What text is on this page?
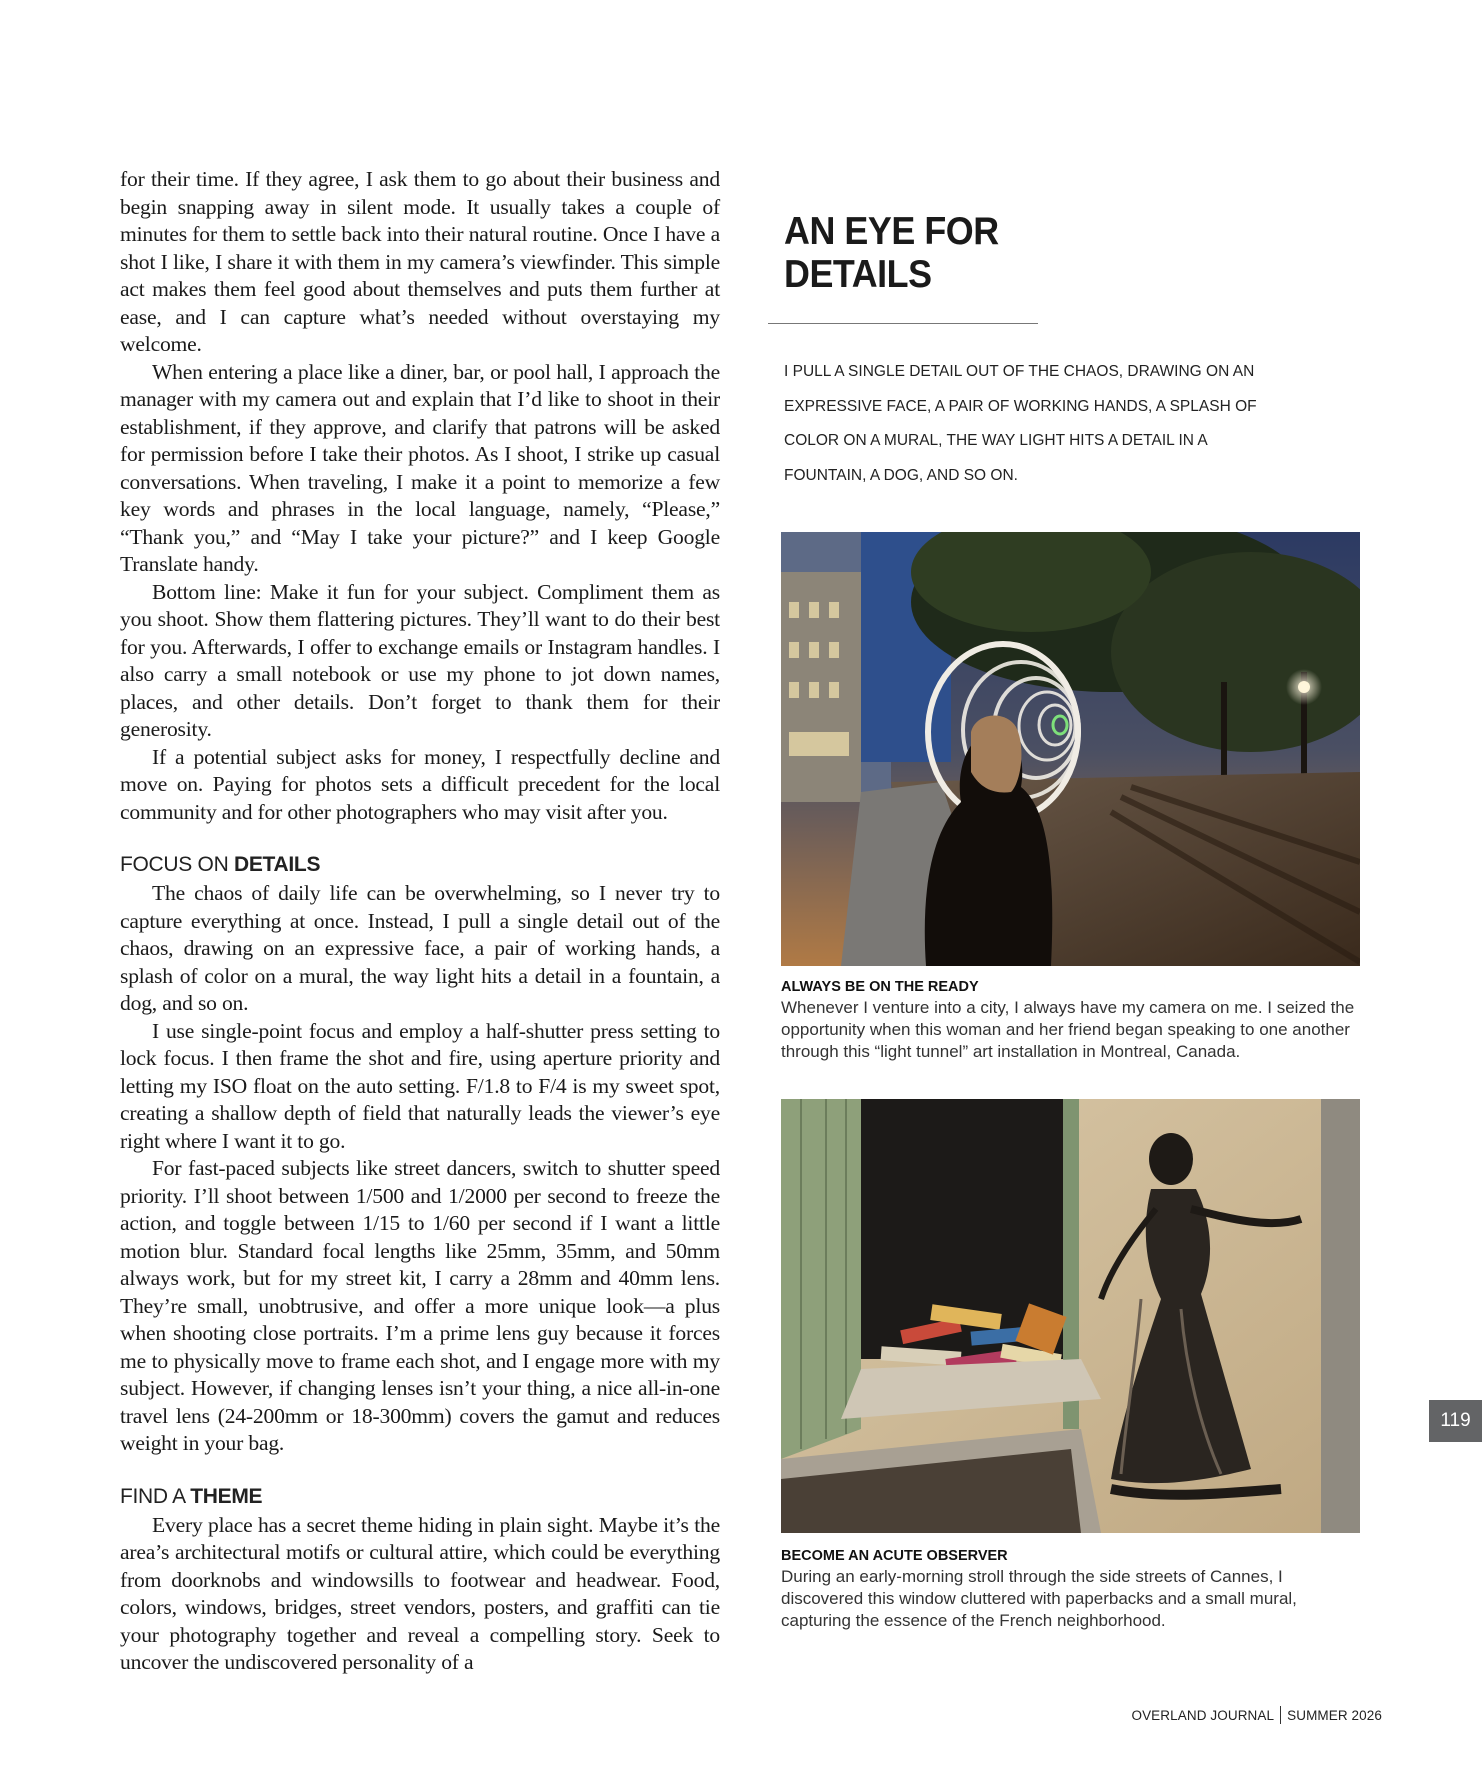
for their time. If they agree, I ask them to go about their business and begin snapping away in silent mode. It usually takes a couple of minutes for them to settle back into their natural routine. Once I have a shot I like, I share it with them in my camera’s viewfinder. This simple act makes them feel good about themselves and puts them further at ease, and I can capture what’s needed without overstaying my welcome.

When entering a place like a diner, bar, or pool hall, I approach the manager with my camera out and explain that I’d like to shoot in their establishment, if they approve, and clarify that patrons will be asked for permission before I take their photos. As I shoot, I strike up casual conversations. When traveling, I make it a point to memorize a few key words and phrases in the local language, namely, “Please,” “Thank you,” and “May I take your picture?” and I keep Google Translate handy.

Bottom line: Make it fun for your subject. Compliment them as you shoot. Show them flattering pictures. They’ll want to do their best for you. Afterwards, I offer to exchange emails or Instagram handles. I also carry a small notebook or use my phone to jot down names, places, and other details. Don’t forget to thank them for their generosity.

If a potential subject asks for money, I respectfully decline and move on. Paying for photos sets a difficult precedent for the local community and for other photographers who may visit after you.

FOCUS ON DETAILS

The chaos of daily life can be overwhelming, so I never try to capture everything at once. Instead, I pull a single detail out of the chaos, drawing on an expressive face, a pair of working hands, a splash of color on a mural, the way light hits a detail in a fountain, a dog, and so on.

I use single-point focus and employ a half-shutter press setting to lock focus. I then frame the shot and fire, using aperture priority and letting my ISO float on the auto setting. F/1.8 to F/4 is my sweet spot, creating a shallow depth of field that naturally leads the viewer’s eye right where I want it to go.

For fast-paced subjects like street dancers, switch to shutter speed priority. I’ll shoot between 1/500 and 1/2000 per second to freeze the action, and toggle between 1/15 to 1/60 per second if I want a little motion blur. Standard focal lengths like 25mm, 35mm, and 50mm always work, but for my street kit, I carry a 28mm and 40mm lens. They’re small, unobtrusive, and offer a more unique look—a plus when shooting close portraits. I’m a prime lens guy because it forces me to physically move to frame each shot, and I engage more with my subject. However, if changing lenses isn’t your thing, a nice all-in-one travel lens (24-200mm or 18-300mm) covers the gamut and reduces weight in your bag.

FIND A THEME

Every place has a secret theme hiding in plain sight. Maybe it’s the area’s architectural motifs or cultural attire, which could be everything from doorknobs and windowsills to footwear and headwear. Food, colors, windows, bridges, street vendors, posters, and graffiti can tie your photography together and reveal a compelling story. Seek to uncover the undiscovered personality of a

AN EYE FOR
DETAILS
I PULL A SINGLE DETAIL OUT OF THE CHAOS, DRAWING ON AN EXPRESSIVE FACE, A PAIR OF WORKING HANDS, A SPLASH OF COLOR ON A MURAL, THE WAY LIGHT HITS A DETAIL IN A FOUNTAIN, A DOG, AND SO ON.
ALWAYS BE ON THE READY
Whenever I venture into a city, I always have my camera on me. I seized the opportunity when this woman and her friend began speaking to one another through this “light tunnel” art installation in Montreal, Canada.
BECOME AN ACUTE OBSERVER
During an early-morning stroll through the side streets of Cannes, I discovered this window cluttered with paperbacks and a small mural, capturing the essence of the French neighborhood.
119
OVERLAND JOURNAL SUMMER 2026
